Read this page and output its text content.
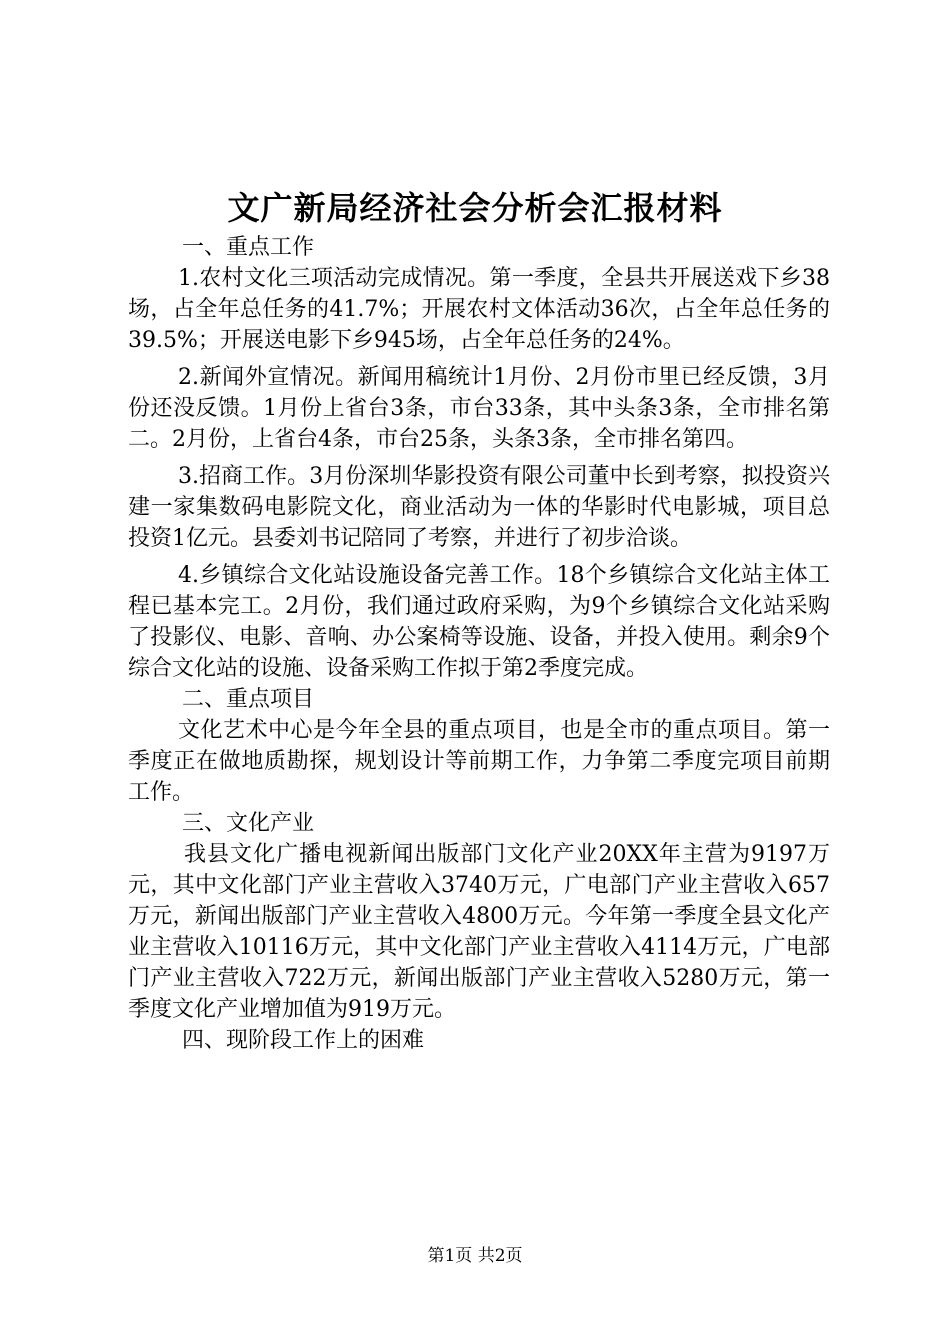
文广新局经济社会分析会汇报材料

一、重点工作

1.农村文化三项活动完成情况。第一季度，全县共开展送戏下乡38场，占全年总任务的41.7%；开展农村文体活动36次，占全年总任务的39.5%；开展送电影下乡945场，占全年总任务的24%。

2.新闻外宣情况。新闻用稿统计1月份、2月份市里已经反馈，3月份还没反馈。1月份上省台3条，市台33条，其中头条3条，全市排名第二。2月份，上省台4条，市台25条，头条3条，全市排名第四。

3.招商工作。3月份深圳华影投资有限公司董中长到考察，拟投资兴建一家集数码电影院文化，商业活动为一体的华影时代电影城，项目总投资1亿元。县委刘书记陪同了考察，并进行了初步洽谈。

4.乡镇综合文化站设施设备完善工作。18个乡镇综合文化站主体工程已基本完工。2月份，我们通过政府采购，为9个乡镇综合文化站采购了投影仪、电影、音响、办公案椅等设施、设备，并投入使用。剩余9个综合文化站的设施、设备采购工作拟于第2季度完成。

二、重点项目

文化艺术中心是今年全县的重点项目，也是全市的重点项目。第一季度正在做地质勘探，规划设计等前期工作，力争第二季度完项目前期工作。

三、文化产业

我县文化广播电视新闻出版部门文化产业20XX年主营为9197万元，其中文化部门产业主营收入3740万元，广电部门产业主营收入657万元，新闻出版部门产业主营收入4800万元。今年第一季度全县文化产业主营收入10116万元，其中文化部门产业主营收入4114万元，广电部门产业主营收入722万元，新闻出版部门产业主营收入5280万元，第一季度文化产业增加值为919万元。

四、现阶段工作上的困难

第1页 共2页
